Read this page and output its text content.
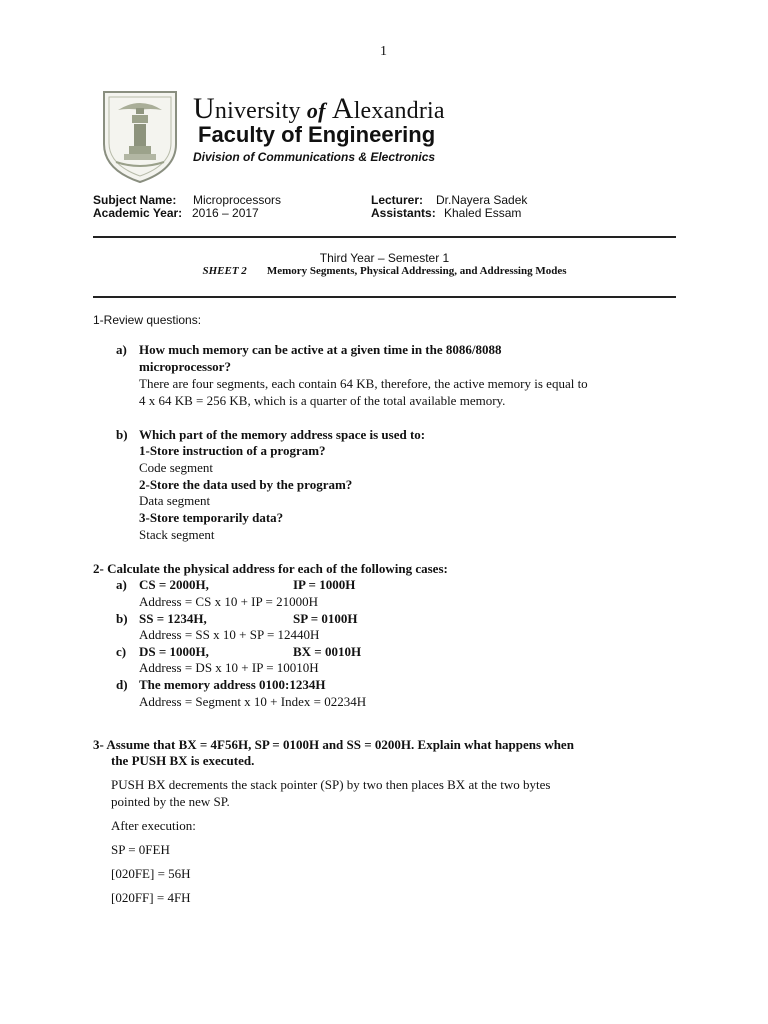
1
University of Alexandria
Faculty of Engineering
Division of Communications & Electronics
Subject Name: Microprocessors
Academic Year: 2016 – 2017
Lecturer: Dr.Nayera Sadek
Assistants: Khaled Essam
Third Year – Semester 1
SHEET 2 Memory Segments, Physical Addressing, and Addressing Modes
1-Review questions:
a) How much memory can be active at a given time in the 8086/8088
microprocessor?
There are four segments, each contain 64 KB, therefore, the active memory is equal to
4 x 64 KB = 256 KB, which is a quarter of the total available memory.
b) Which part of the memory address space is used to:
1-Store instruction of a program?
Code segment
2-Store the data used by the program?
Data segment
3-Store temporarily data?
Stack segment
2- Calculate the physical address for each of the following cases:
a) CS = 2000H,	IP = 1000H
Address = CS x 10 + IP = 21000H
b) SS = 1234H,	SP = 0100H
Address = SS x 10 + SP = 12440H
c) DS = 1000H,	BX = 0010H
Address = DS x 10 + IP = 10010H
d) The memory address 0100:1234H
Address = Segment x 10 + Index = 02234H
3- Assume that BX = 4F56H, SP = 0100H and SS = 0200H. Explain what happens when
the PUSH BX is executed.
PUSH BX decrements the stack pointer (SP) by two then places BX at the two bytes
pointed by the new SP.
After execution:
SP = 0FEH
[020FE] = 56H
[020FF] = 4FH
